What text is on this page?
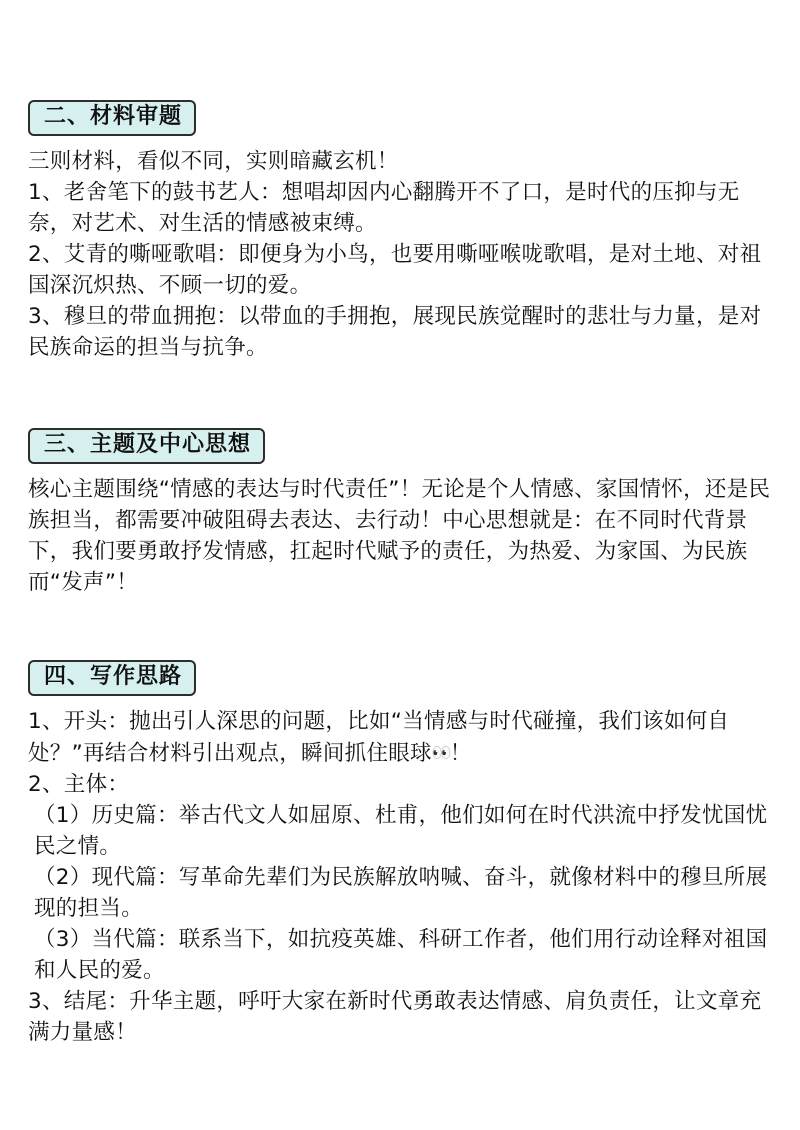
二、材料审题

三则材料，看似不同，实则暗藏玄机！

1、老舍笔下的鼓书艺人：想唱却因内心翻腾开不了口，是时代的压抑与无奈，对艺术、对生活的情感被束缚。

2、艾青的嘶哑歌唱：即便身为小鸟，也要用嘶哑喉咙歌唱，是对土地、对祖国深沉炽热、不顾一切的爱。

3、穆旦的带血拥抱：以带血的手拥抱，展现民族觉醒时的悲壮与力量，是对民族命运的担当与抗争。

三、主题及中心思想

核心主题围绕“情感的表达与时代责任”！无论是个人情感、家国情怀，还是民族担当，都需要冲破阻碍去表达、去行动！中心思想就是：在不同时代背景下，我们要勇敢抒发情感，扛起时代赋予的责任，为热爱、为家国、为民族而“发声”！

四、写作思路

1、开头：抛出引人深思的问题，比如“当情感与时代碰撞，我们该如何自处？”再结合材料引出观点，瞬间抓住眼球👀！

2、主体：

（1）历史篇：举古代文人如屈原、杜甫，他们如何在时代洪流中抒发忧国忧民之情。

（2）现代篇：写革命先辈们为民族解放呐喊、奋斗，就像材料中的穆旦所展现的担当。

（3）当代篇：联系当下，如抗疫英雄、科研工作者，他们用行动诠释对祖国和人民的爱。

3、结尾：升华主题，呼吁大家在新时代勇敢表达情感、肩负责任，让文章充满力量感！
